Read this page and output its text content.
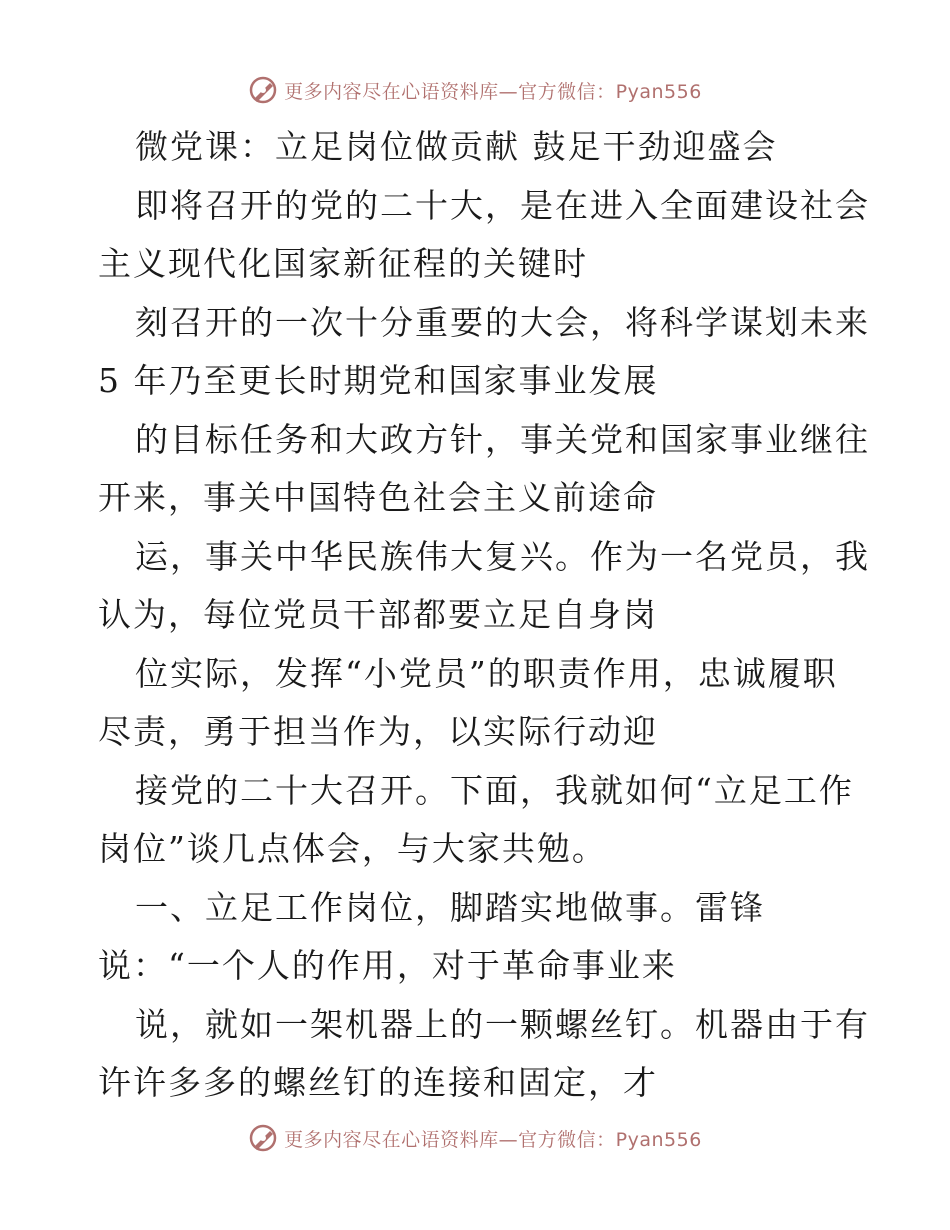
更多内容尽在心语资料库—官方微信：Pyan556
微党课：立足岗位做贡献 鼓足干劲迎盛会
即将召开的党的二十大，是在进入全面建设社会
主义现代化国家新征程的关键时
刻召开的一次十分重要的大会，将科学谋划未来
5 年乃至更长时期党和国家事业发展
的目标任务和大政方针，事关党和国家事业继往
开来，事关中国特色社会主义前途命
运，事关中华民族伟大复兴。作为一名党员，我
认为，每位党员干部都要立足自身岗
位实际，发挥“小党员”的职责作用，忠诚履职
尽责，勇于担当作为，以实际行动迎
接党的二十大召开。下面，我就如何“立足工作
岗位”谈几点体会，与大家共勉。
一、立足工作岗位，脚踏实地做事。雷锋
说：“一个人的作用，对于革命事业来
说，就如一架机器上的一颗螺丝钉。机器由于有
许许多多的螺丝钉的连接和固定，才
更多内容尽在心语资料库—官方微信：Pyan556
